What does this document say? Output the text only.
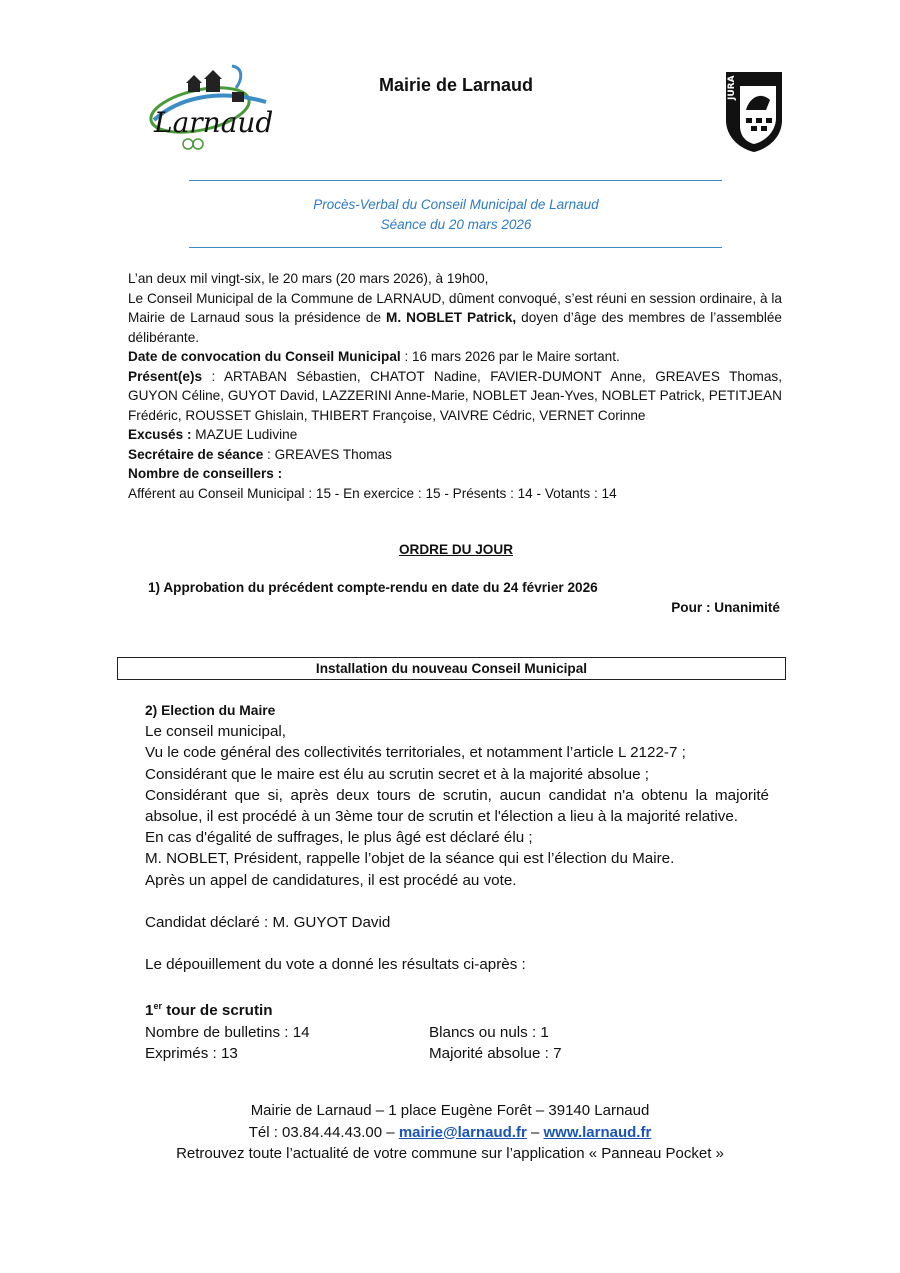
Larnaud
Mairie de Larnaud	JURA
Procès-Verbal du Conseil Municipal de Larnaud
Séance du 20 mars 2026

L’an deux mil vingt-six, le 20 mars (20 mars 2026), à 19h00,

Le Conseil Municipal de la Commune de LARNAUD, dûment convoqué, s’est réuni en session ordinaire, à la Mairie de Larnaud sous la présidence de M. NOBLET Patrick, doyen d’âge des membres de l’assemblée délibérante.

Date de convocation du Conseil Municipal : 16 mars 2026 par le Maire sortant.

Présent(e)s : ARTABAN Sébastien, CHATOT Nadine, FAVIER-DUMONT Anne, GREAVES Thomas, GUYON Céline, GUYOT David, LAZZERINI Anne-Marie, NOBLET Jean-Yves, NOBLET Patrick, PETITJEAN Frédéric, ROUSSET Ghislain, THIBERT Françoise, VAIVRE Cédric, VERNET Corinne

Excusés : MAZUE Ludivine

Secrétaire de séance : GREAVES Thomas

Nombre de conseillers :

Afférent au Conseil Municipal : 15 - En exercice : 15 - Présents : 14 - Votants : 14

ORDRE DU JOUR
1) Approbation du précédent compte-rendu en date du 24 février 2026
Pour : Unanimité
Installation du nouveau Conseil Municipal

2) Election du Maire

Le conseil municipal,

Vu le code général des collectivités territoriales, et notamment l’article L 2122-7 ;

Considérant que le maire est élu au scrutin secret et à la majorité absolue ;

Considérant que si, après deux tours de scrutin, aucun candidat n'a obtenu la majorité absolue, il est procédé à un 3ème tour de scrutin et l'élection a lieu à la majorité relative.

En cas d'égalité de suffrages, le plus âgé est déclaré élu ;

M. NOBLET, Président, rappelle l’objet de la séance qui est l’élection du Maire.

Après un appel de candidatures, il est procédé au vote.

Candidat déclaré : M. GUYOT David

Le dépouillement du vote a donné les résultats ci-après :

1er tour de scrutin

Nombre de bulletins : 14	Blancs ou nuls : 1
Exprimés : 13	Majorité absolue : 7

Mairie de Larnaud – 1 place Eugène Forêt – 39140 Larnaud

Tél : 03.84.44.43.00 – mairie@larnaud.fr – www.larnaud.fr

Retrouvez toute l’actualité de votre commune sur l’application « Panneau Pocket »
